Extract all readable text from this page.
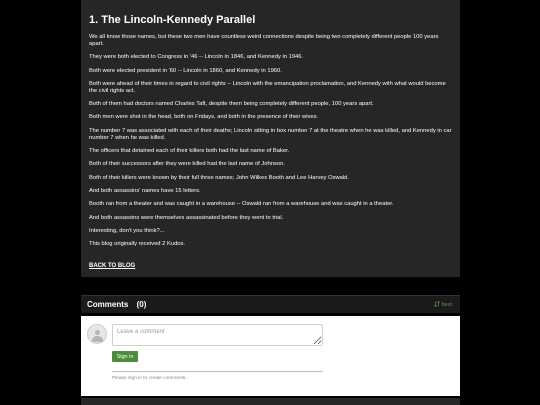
1. The Lincoln-Kennedy Parallel

We all know those names, but these two men have countless weird connections despite being two completely different people 100 years apart.

They were both elected to Congress in '46 -- Lincoln in 1846, and Kennedy in 1946.

Both were elected president in '60 -- Lincoln in 1860, and Kennedy in 1960.

Both were ahead of their times in regard to civil rights -- Lincoln with the emancipation proclamation, and Kennedy with what would become the civil rights act.

Both of them had doctors named Charles Taft, despite them being completely different people, 100 years apart.

Both men were shot in the head, both on Fridays, and both in the presence of their wives.

The number 7 was associated with each of their deaths; Lincoln sitting in box number 7 at the theatre when he was killed, and Kennedy in car number 7 when he was killed.

The officers that detained each of their killers both had the last name of Baker.

Both of their successors after they were killed had the last name of Johnson.

Both of their killers were known by their full three names; John Wilkes Booth and Lee Harvey Oswald.

And both assassins' names have 15 letters.

Booth ran from a theater and was caught in a warehouse -- Oswald ran from a warehouse and was caught in a theater.

And both assassins were themselves assassinated before they went to trial.

Interesting, don't you think?...

This blog originally received 2 Kudos.

BACK TO BLOG
Comments (0)	best
Leave a comment
Sign in
Please sign in to create comments.
